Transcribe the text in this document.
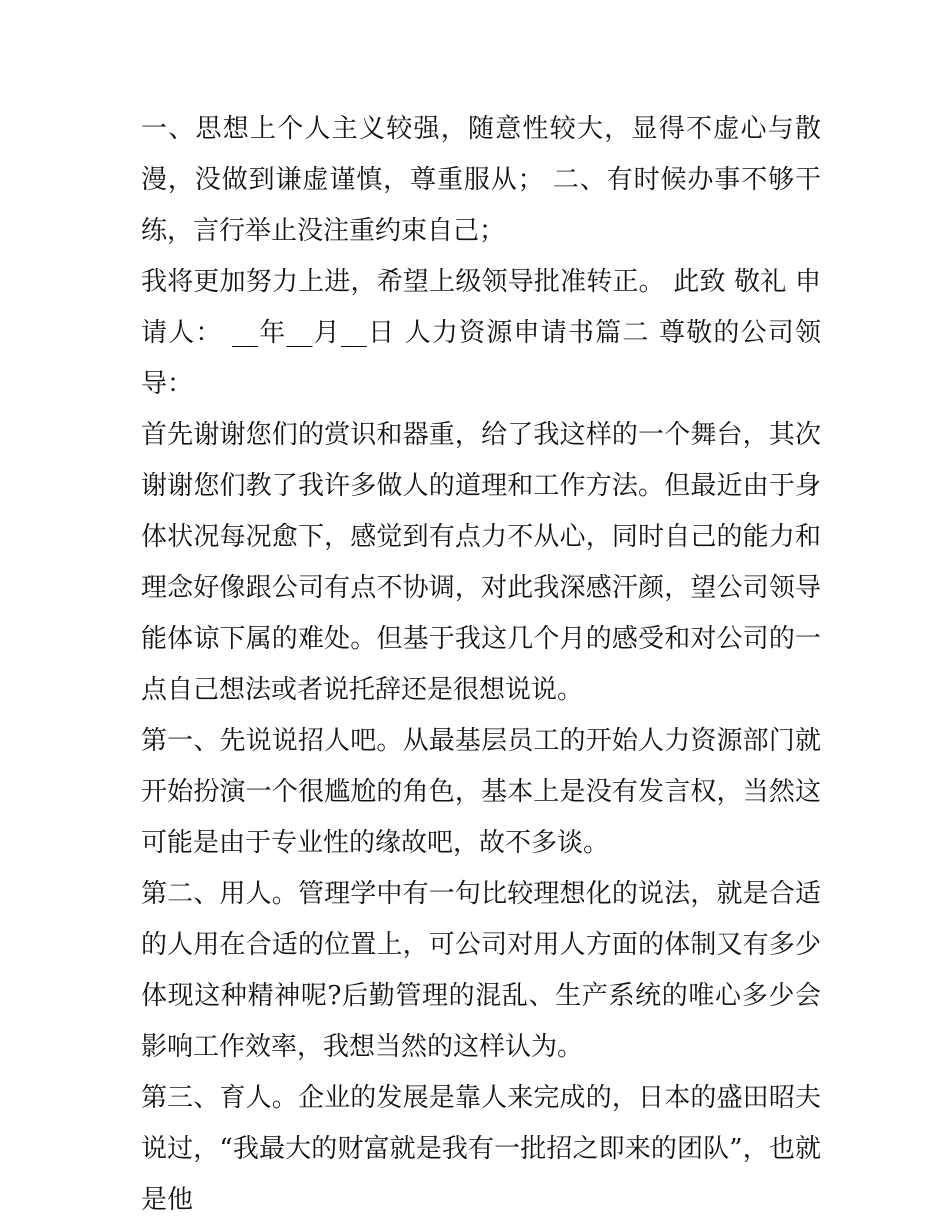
一、思想上个人主义较强，随意性较大，显得不虚心与散漫，没做到谦虚谨慎，尊重服从； 二、有时候办事不够干练，言行举止没注重约束自己；

我将更加努力上进，希望上级领导批准转正。 此致 敬礼 申请人： __年__月__日 人力资源申请书篇二 尊敬的公司领导：

首先谢谢您们的赏识和器重，给了我这样的一个舞台，其次谢谢您们教了我许多做人的道理和工作方法。但最近由于身体状况每况愈下，感觉到有点力不从心，同时自己的能力和理念好像跟公司有点不协调，对此我深感汗颜，望公司领导能体谅下属的难处。但基于我这几个月的感受和对公司的一点自己想法或者说托辞还是很想说说。

第一、先说说招人吧。从最基层员工的开始人力资源部门就开始扮演一个很尴尬的角色，基本上是没有发言权，当然这可能是由于专业性的缘故吧，故不多谈。

第二、用人。管理学中有一句比较理想化的说法，就是合适的人用在合适的位置上，可公司对用人方面的体制又有多少体现这种精神呢?后勤管理的混乱、生产系统的唯心多少会影响工作效率，我想当然的这样认为。

第三、育人。企业的发展是靠人来完成的，日本的盛田昭夫说过，“我最大的财富就是我有一批招之即来的团队”，也就是他
